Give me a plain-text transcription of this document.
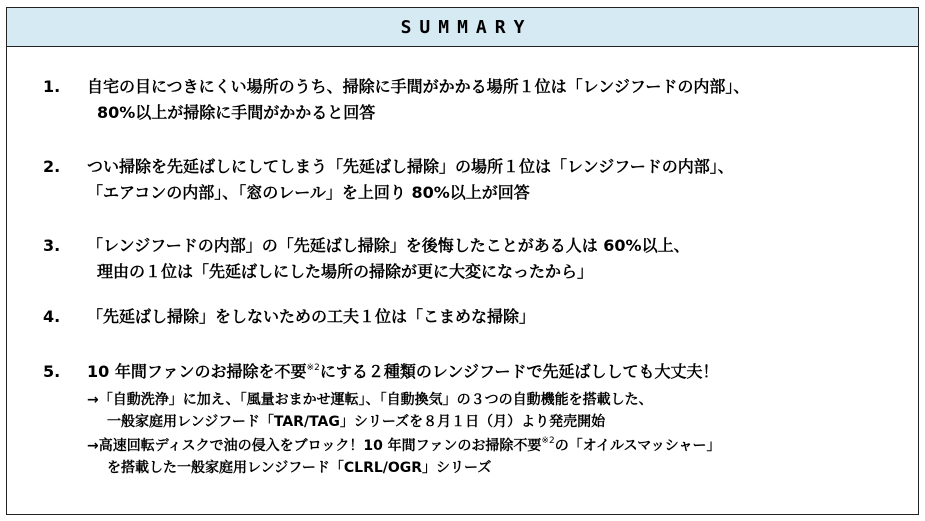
SUMMARY
1. 自宅の目につきにくい場所のうち、掃除に手間がかかる場所１位は「レンジフードの内部」、
80%以上が掃除に手間がかかると回答
2. つい掃除を先延ばしにしてしまう「先延ばし掃除」の場所１位は「レンジフードの内部」、
「エアコンの内部」、「窓のレール」を上回り 80%以上が回答
3. 「レンジフードの内部」の「先延ばし掃除」を後悔したことがある人は 60%以上、
理由の１位は「先延ばしにした場所の掃除が更に大変になったから」
4. 「先延ばし掃除」をしないための工夫１位は「こまめな掃除」
5. 10 年間ファンのお掃除を不要$^{※2}$にする２種類のレンジフードで先延ばししても大丈夫！
→「自動洗浄」に加え、「風量おまかせ運転」、「自動換気」の３つの自動機能を搭載した、
一般家庭用レンジフード「TAR/TAG」シリーズを８月１日（月）より発売開始
→高速回転ディスクで油の侵入をブロック！10 年間ファンのお掃除不要$^{※2}$の「オイルスマッシャー」
を搭載した一般家庭用レンジフード「CLRL/OGR」シリーズ
